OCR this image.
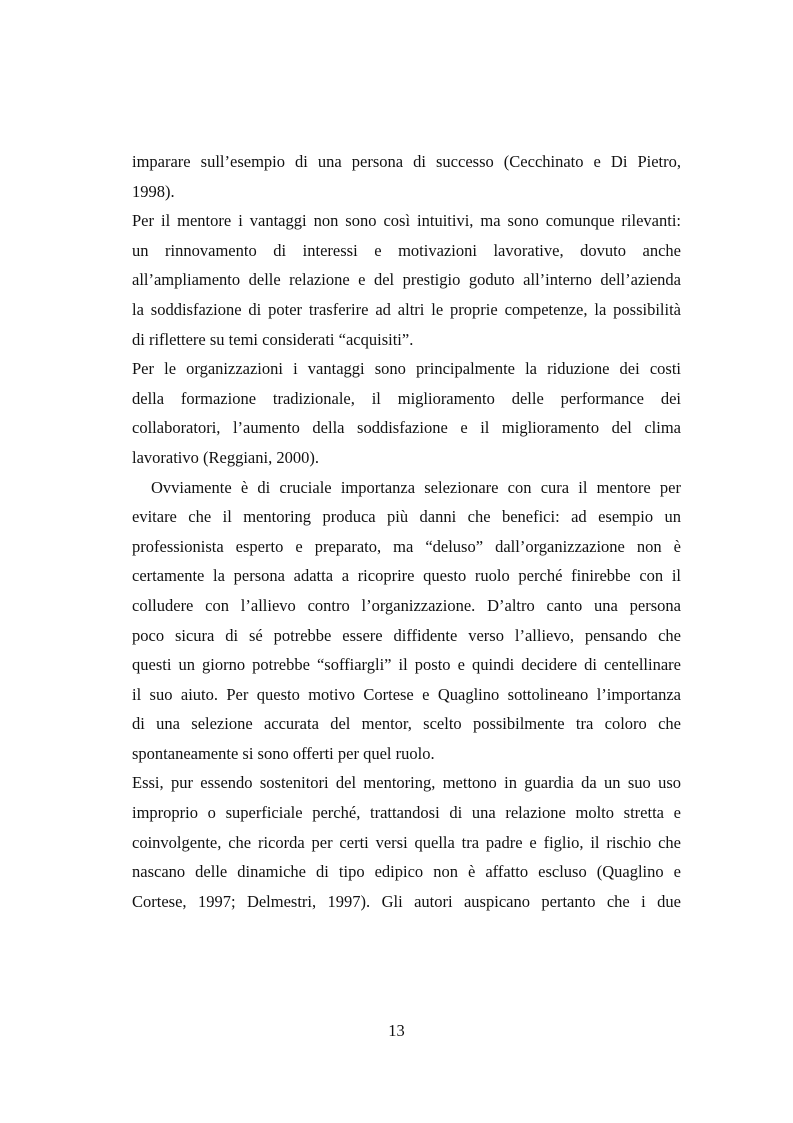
imparare sull’esempio di una persona di successo (Cecchinato e Di Pietro,
1998).
Per il mentore i vantaggi non sono così intuitivi, ma sono comunque rilevanti:
un rinnovamento di interessi e motivazioni lavorative, dovuto anche
all’ampliamento delle relazione e del prestigio goduto all’interno dell’azienda
la soddisfazione di poter trasferire ad altri le proprie competenze, la possibilità
di riflettere su temi considerati “acquisiti”.
Per le organizzazioni i vantaggi sono principalmente la riduzione dei costi
della formazione tradizionale, il miglioramento delle performance dei
collaboratori, l’aumento della soddisfazione e il miglioramento del clima
lavorativo (Reggiani, 2000).
Ovviamente è di cruciale importanza selezionare con cura il mentore per
evitare che il mentoring produca più danni che benefici: ad esempio un
professionista esperto e preparato, ma “deluso” dall’organizzazione non è
certamente la persona adatta a ricoprire questo ruolo perché finirebbe con il
colludere con l’allievo contro l’organizzazione. D’altro canto una persona
poco sicura di sé potrebbe essere diffidente verso l’allievo, pensando che
questi un giorno potrebbe “soffiargli” il posto e quindi decidere di centellinare
il suo aiuto. Per questo motivo Cortese e Quaglino sottolineano l’importanza
di una selezione accurata del mentor, scelto possibilmente tra coloro che
spontaneamente si sono offerti per quel ruolo.
Essi, pur essendo sostenitori del mentoring, mettono in guardia da un suo uso
improprio o superficiale perché, trattandosi di una relazione molto stretta e
coinvolgente, che ricorda per certi versi quella tra padre e figlio, il rischio che
nascano delle dinamiche di tipo edipico non è affatto escluso (Quaglino e
Cortese, 1997; Delmestri, 1997). Gli autori auspicano pertanto che i due
13
